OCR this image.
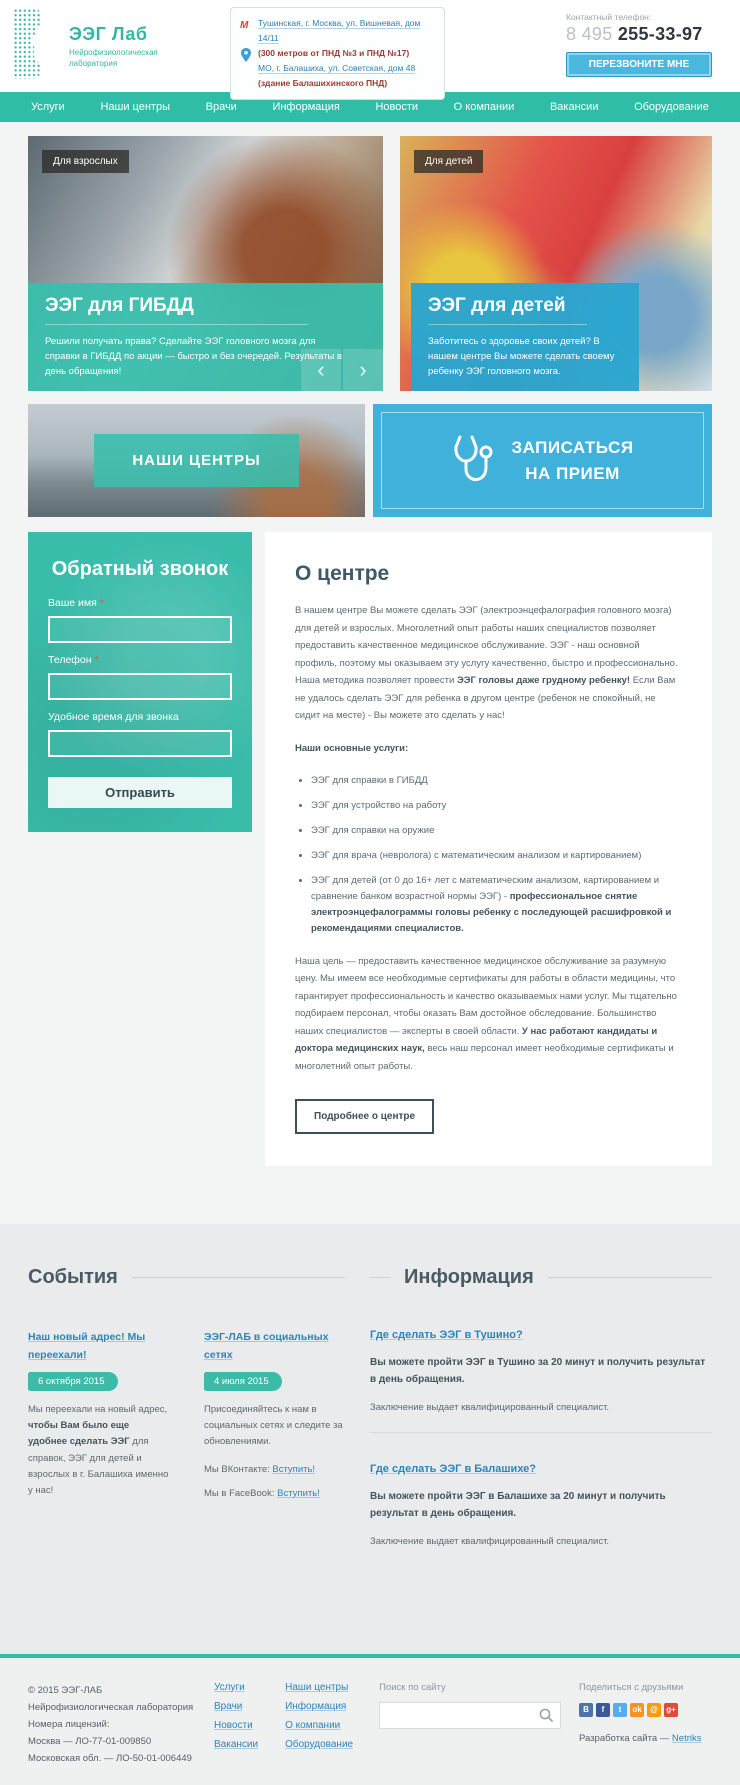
ЭЭГ Лаб
Нейрофизиологическая
лаборатория
М Тушинская, г. Москва, ул. Вишневая, дом 14/11
(300 метров от ПНД №3 и ПНД №17)
МО, г. Балашиха, ул. Советская, дом 48
(здание Балашихинского ПНД)
Контактный телефон:
8 495 255-33-97
ПЕРЕЗВОНИТЕ МНЕ
Услуги	Наши центры	Врачи	Информация	Новости	О компании	Вакансии	Оборудование
Для взрослых
ЭЭГ для ГИБДД
Решили получать права? Сделайте ЭЭГ головного мозга для справки в ГИБДД по акции — быстро и без очередей. Результаты в день обращения!	‹	›
Для детей
ЭЭГ для детей
Заботитесь о здоровье своих детей? В нашем центре Вы можете сделать своему ребенку ЭЭГ головного мозга.
НАШИ ЦЕНТРЫ
ЗАПИСАТЬСЯ
НА ПРИЕМ
Обратный звонок
Ваше имя *
Телефон *
Удобное время для звонка
Отправить
О центре

В нашем центре Вы можете сделать ЭЭГ (электроэнцефалография головного мозга) для детей и взрослых. Многолетний опыт работы наших специалистов позволяет предоставить качественное медицинское обслуживание. ЭЭГ - наш основной профиль, поэтому мы оказываем эту услугу качественно, быстро и профессионально. Наша методика позволяет провести ЭЭГ головы даже грудному ребенку! Если Вам не удалось сделать ЭЭГ для ребенка в другом центре (ребенок не спокойный, не сидит на месте) - Вы можете это сделать у нас!

Наши основные услуги:

• ЭЭГ для справки в ГИБДД
• ЭЭГ для устройство на работу
• ЭЭГ для справки на оружие
• ЭЭГ для врача (невролога) с математическим анализом и картированием)
• ЭЭГ для детей (от 0 до 16+ лет с математическим анализом, картированием и сравнение банком возрастной нормы ЭЭГ) - профессиональное снятие электроэнцефалограммы головы ребенку с последующей расшифровкой и рекомендациями специалистов.

Наша цель — предоставить качественное медицинское обслуживание за разумную цену. Мы имеем все необходимые сертификаты для работы в области медицины, что гарантирует профессиональность и качество оказываемых нами услуг. Мы тщательно подбираем персонал, чтобы оказать Вам достойное обследование. Большинство наших специалистов — эксперты в своей области. У нас работают кандидаты и доктора медицинских наук, весь наш персонал имеет необходимые сертификаты и многолетний опыт работы.

Подробнее о центре
События
Наш новый адрес! Мы переехали!
6 октября 2015
Мы переехали на новый адрес, чтобы Вам было еще удобнее сделать ЭЭГ для справок, ЭЭГ для детей и взрослых в г. Балашиха именно у нас!
ЭЭГ-ЛАБ в социальных сетях
4 июля 2015
Присоединяйтесь к нам в социальных сетях и следите за обновлениями.
Мы ВКонтакте: Вступить!
Мы в FaceBook: Вступить!
Информация
Где сделать ЭЭГ в Тушино?
Вы можете пройти ЭЭГ в Тушино за 20 минут и получить результат в день обращения.
Заключение выдает квалифицированный специалист.
Где сделать ЭЭГ в Балашихе?
Вы можете пройти ЭЭГ в Балашихе за 20 минут и получить результат в день обращения.
Заключение выдает квалифицированный специалист.
© 2015 ЭЭГ-ЛАБ
Нейрофизиологическая лаборатория
Номера лицензий:
Москва — ЛО-77-01-009850
Московская обл. — ЛО-50-01-006449
Услуги
Врачи
Новости
Вакансии
Наши центры
Информация
О компании
Оборудование
Поиск по сайту	Поделиться с друзьями
В	f	t	ok	@	g+
Разработка сайта — Netriks
